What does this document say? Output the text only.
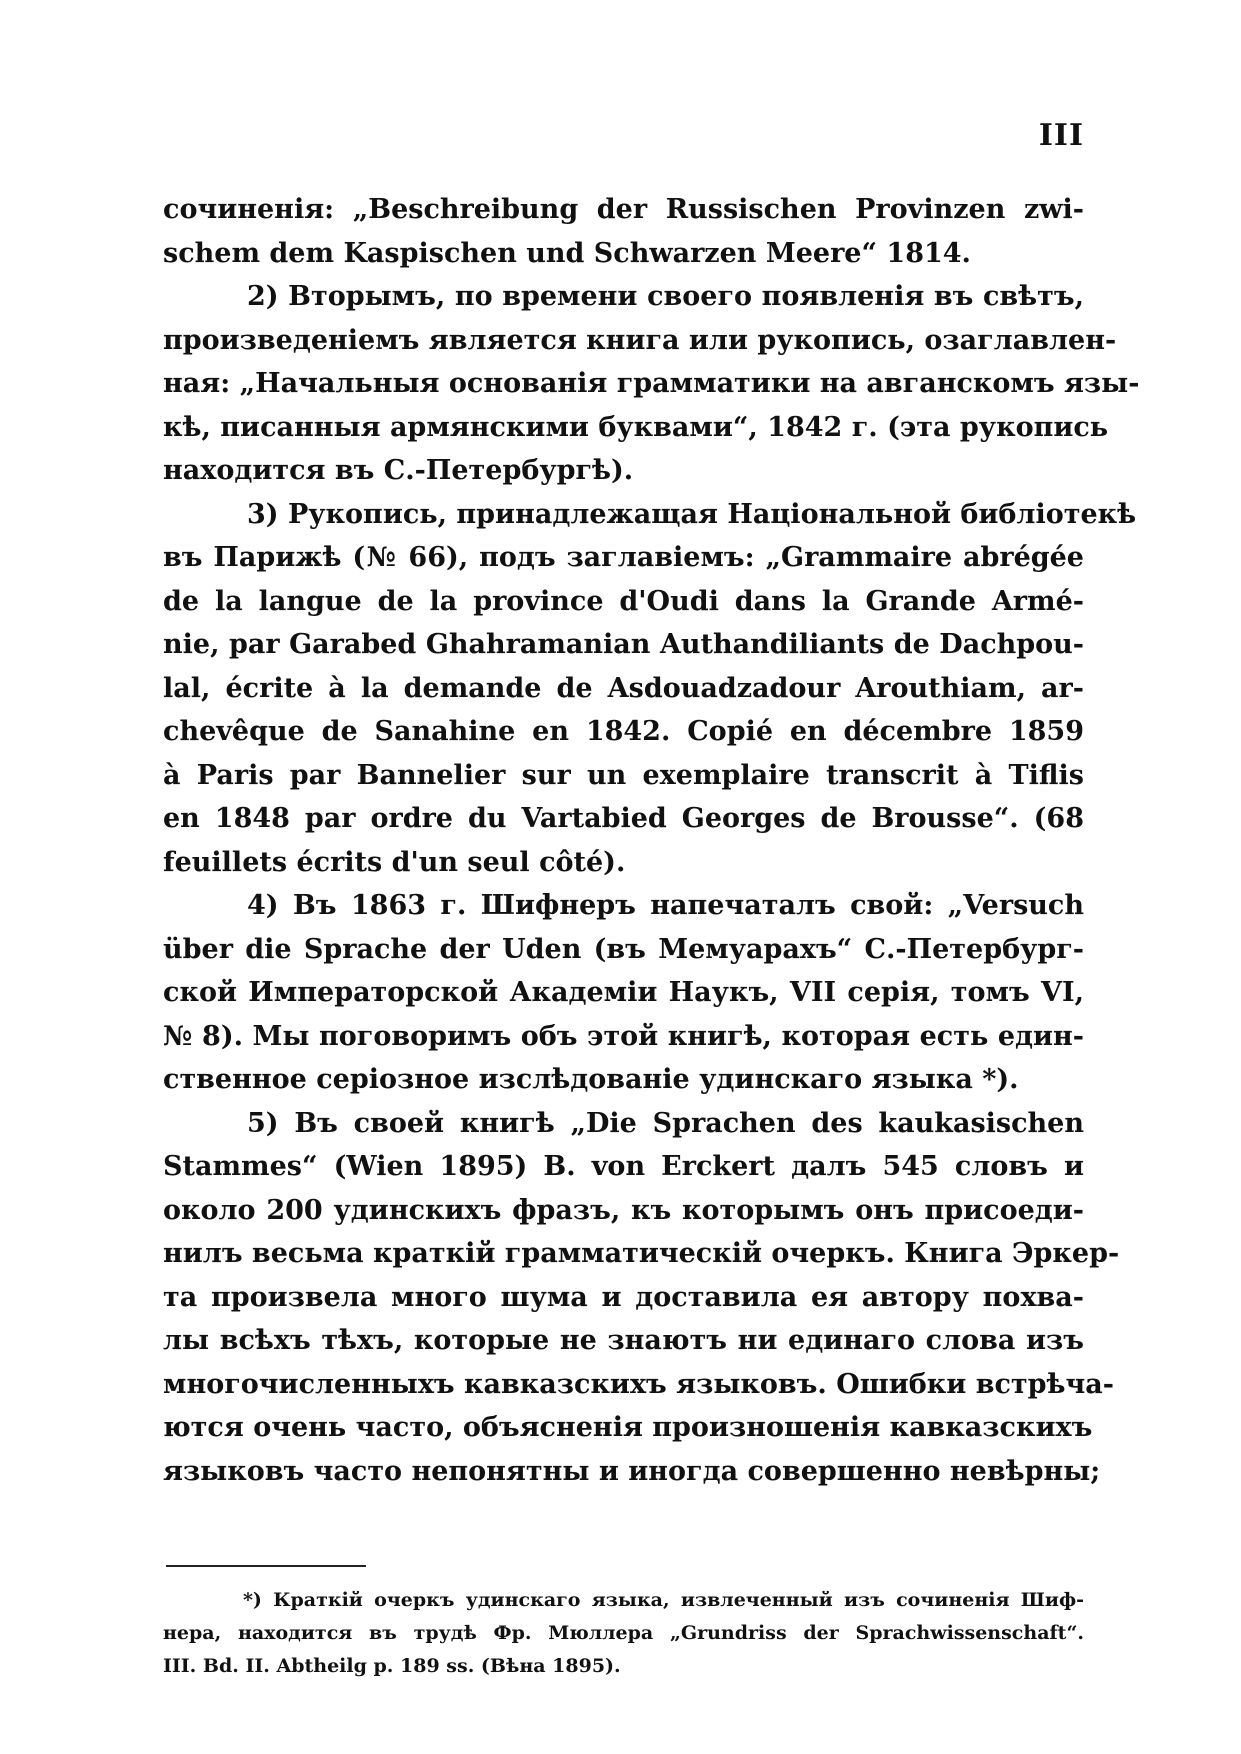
III
сочиненія: „Beschreibung der Russischen Provinzen zwi-
schem dem Kaspischen und Schwarzen Meere“ 1814.
2) Вторымъ, по времени своего появленія въ свѣтъ,
произведеніемъ является книга или рукопись, озаглавлен-
ная: „Начальныя основанія грамматики на авганскомъ язы-
кѣ, писанныя армянскими буквами“, 1842 г. (эта рукопись
находится въ С.-Петербургѣ).
3) Рукопись, принадлежащая Національной библіотекѣ
въ Парижѣ (№ 66), подъ заглавіемъ: „Grammaire abrégée
de la langue de la province d'Oudi dans la Grande Armé-
nie, par Garabed Ghahramanian Authandiliants de Dachpou-
lal, écrite à la demande de Asdouadzadour Arouthiam, ar-
chevêque de Sanahine en 1842. Copié en décembre 1859
à Paris par Bannelier sur un exemplaire transcrit à Tiflis
en 1848 par ordre du Vartabied Georges de Brousse“. (68
feuillets écrits d'un seul côté).
4) Въ 1863 г. Шифнеръ напечаталъ свой: „Versuch
über die Sprache der Uden (въ Мемуарахъ“ С.-Петербург-
ской Императорской Академіи Наукъ, VII серія, томъ VI,
№ 8). Мы поговоримъ объ этой книгѣ, которая есть един-
ственное серіозное изслѣдованіе удинскаго языка *).
5) Въ своей книгѣ „Die Sprachen des kaukasischen
Stammes“ (Wien 1895) B. von Erckert далъ 545 словъ и
около 200 удинскихъ фразъ, къ которымъ онъ присоеди-
нилъ весьма краткій грамматическій очеркъ. Книга Эркер-
та произвела много шума и доставила ея автору похва-
лы всѣхъ тѣхъ, которые не знаютъ ни единаго слова изъ
многочисленныхъ кавказскихъ языковъ. Ошибки встрѣча-
ются очень часто, объясненія произношенія кавказскихъ
языковъ часто непонятны и иногда совершенно невѣрны;
*) Краткій очеркъ удинскаго языка, извлеченный изъ сочиненія Шиф-
нера, находится въ трудѣ Фр. Мюллера „Grundriss der Sprachwissenschaft“.
III. Bd. II. Abtheilg p. 189 ss. (Вѣна 1895).
